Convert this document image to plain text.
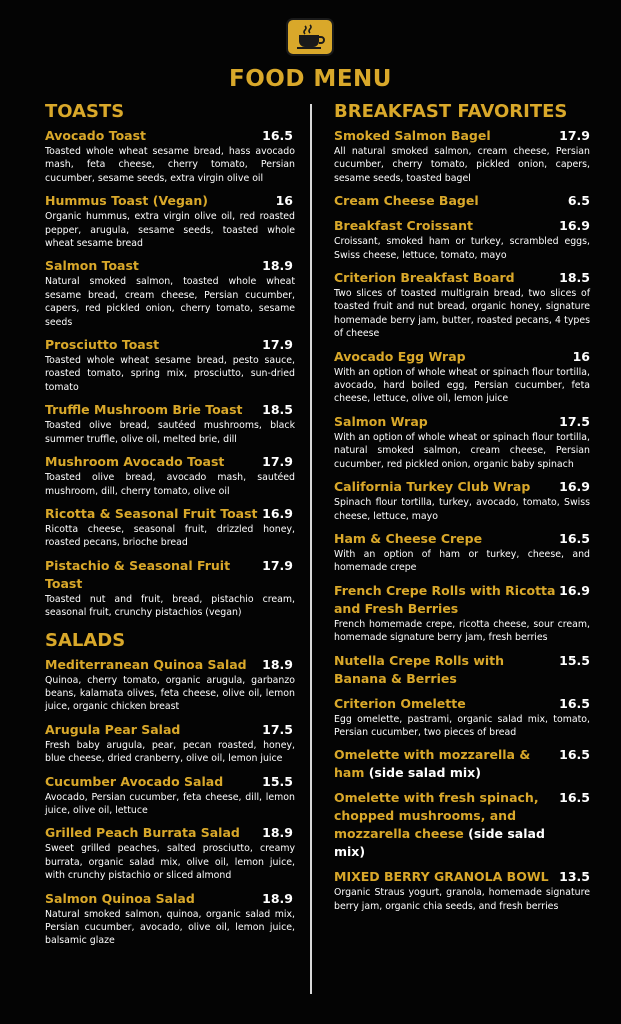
FOOD MENU
TOASTS
Avocado Toast	16.5
Toasted whole wheat sesame bread, hass avocado mash, feta cheese, cherry tomato, Persian cucumber, sesame seeds, extra virgin olive oil
Hummus Toast (Vegan)	16
Organic hummus, extra virgin olive oil, red roasted pepper, arugula, sesame seeds, toasted whole wheat sesame bread
Salmon Toast	18.9
Natural smoked salmon, toasted whole wheat sesame bread, cream cheese, Persian cucumber, capers, red pickled onion, cherry tomato, sesame seeds
Prosciutto Toast	17.9
Toasted whole wheat sesame bread, pesto sauce, roasted tomato, spring mix, prosciutto, sun-dried tomato
Truffle Mushroom Brie Toast 18.5
Toasted olive bread, sautéed mushrooms, black summer truffle, olive oil, melted brie, dill
Mushroom Avocado Toast	17.9
Toasted olive bread, avocado mash, sautéed mushroom, dill, cherry tomato, olive oil
Ricotta & Seasonal Fruit Toast 16.9
Ricotta cheese, seasonal fruit, drizzled honey, roasted pecans, brioche bread
Pistachio & Seasonal Fruit Toast
17.9
Toasted nut and fruit, bread, pistachio cream, seasonal fruit, crunchy pistachios (vegan)
SALADS
Mediterranean Quinoa Salad 18.9
Quinoa, cherry tomato, organic arugula, garbanzo beans, kalamata olives, feta cheese, olive oil, lemon juice, organic chicken breast
Arugula Pear Salad	17.5
Fresh baby arugula, pear, pecan roasted, honey, blue cheese, dried cranberry, olive oil, lemon juice
Cucumber Avocado Salad	15.5
Avocado, Persian cucumber, feta cheese, dill, lemon juice, olive oil, lettuce
Grilled Peach Burrata Salad 18.9
Sweet grilled peaches, salted prosciutto, creamy burrata, organic salad mix, olive oil, lemon juice, with crunchy pistachio or sliced almond
Salmon Quinoa Salad	18.9
Natural smoked salmon, quinoa, organic salad mix, Persian cucumber, avocado, olive oil, lemon juice, balsamic glaze
BREAKFAST FAVORITES
Smoked Salmon Bagel	17.9
All natural smoked salmon, cream cheese, Persian cucumber, cherry tomato, pickled onion, capers, sesame seeds, toasted bagel
Cream Cheese Bagel	6.5
Breakfast Croissant	16.9
Croissant, smoked ham or turkey, scrambled eggs, Swiss cheese, lettuce, tomato, mayo
Criterion Breakfast Board	18.5
Two slices of toasted multigrain bread, two slices of toasted fruit and nut bread, organic honey, signature homemade berry jam, butter, roasted pecans, 4 types of cheese
Avocado Egg Wrap	16
With an option of whole wheat or spinach flour tortilla, avocado, hard boiled egg, Persian cucumber, feta cheese, lettuce, olive oil, lemon juice
Salmon Wrap	17.5
With an option of whole wheat or spinach flour tortilla, natural smoked salmon, cream cheese, Persian cucumber, red pickled onion, organic baby spinach
California Turkey Club Wrap 16.9
Spinach flour tortilla, turkey, avocado, tomato, Swiss cheese, lettuce, mayo
Ham & Cheese Crepe	16.5
With an option of ham or turkey, cheese, and homemade crepe
French Crepe Rolls with Ricotta and Fresh Berries
16.9
French homemade crepe, ricotta cheese, sour cream, homemade signature berry jam, fresh berries
Nutella Crepe Rolls with Banana & Berries
15.5
Criterion Omelette	16.5
Egg omelette, pastrami, organic salad mix, tomato, Persian cucumber, two pieces of bread
Omelette with mozzarella & ham (side salad mix)
16.5
Omelette with fresh spinach, chopped mushrooms, and mozzarella cheese (side salad mix)
16.5
MIXED BERRY GRANOLA BOWL 13.5
Organic Straus yogurt, granola, homemade signature berry jam, organic chia seeds, and fresh berries
